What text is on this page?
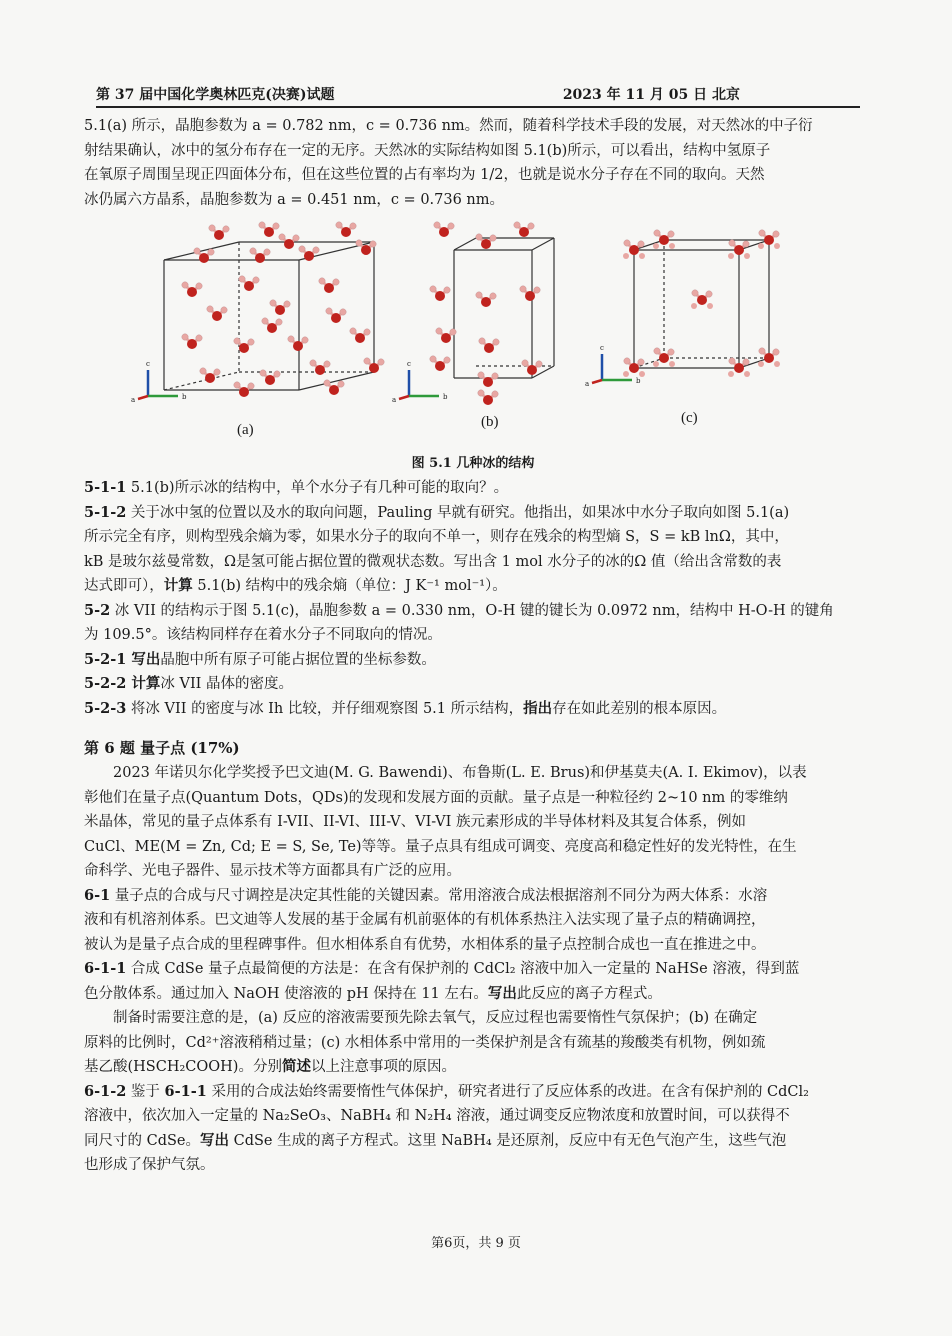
第 37 届中国化学奥林匹克(决赛)试题	2023 年 11 月 05 日 北京

5.1(a) 所示，晶胞参数为 a = 0.782 nm，c = 0.736 nm。然而，随着科学技术手段的发展，对天然冰的中子衍

射结果确认，冰中的氢分布存在一定的无序。天然冰的实际结构如图 5.1(b)所示，可以看出，结构中氢原子

在氧原子周围呈现正四面体分布，但在这些位置的占有率均为 1/2，也就是说水分子存在不同的取向。天然

冰仍属六方晶系，晶胞参数为 a = 0.451 nm，c = 0.736 nm。

c
b
a
c
b
a
c
b
a
(a)	(b)	(c)
图 5.1 几种冰的结构

5-1-1 5.1(b)所示冰的结构中，单个水分子有几种可能的取向？。

5-1-2 关于冰中氢的位置以及水的取向问题，Pauling 早就有研究。他指出，如果冰中水分子取向如图 5.1(a)

所示完全有序，则构型残余熵为零，如果水分子的取向不单一，则存在残余的构型熵 S，S = kB lnΩ，其中，

kB 是玻尔兹曼常数，Ω是氢可能占据位置的微观状态数。写出含 1 mol 水分子的冰的Ω 值（给出含常数的表

达式即可），计算 5.1(b) 结构中的残余熵（单位：J K⁻¹ mol⁻¹）。

5-2 冰 VII 的结构示于图 5.1(c)，晶胞参数 a = 0.330 nm，O-H 键的键长为 0.0972 nm，结构中 H-O-H 的键角

为 109.5°。该结构同样存在着水分子不同取向的情况。

5-2-1 写出晶胞中所有原子可能占据位置的坐标参数。

5-2-2 计算冰 VII 晶体的密度。

5-2-3 将冰 VII 的密度与冰 Ih 比较，并仔细观察图 5.1 所示结构，指出存在如此差别的根本原因。

第 6 题 量子点 (17%)

2023 年诺贝尔化学奖授予巴文迪(M. G. Bawendi)、布鲁斯(L. E. Brus)和伊基莫夫(A. I. Ekimov)，以表

彰他们在量子点(Quantum Dots，QDs)的发现和发展方面的贡献。量子点是一种粒径约 2~10 nm 的零维纳

米晶体，常见的量子点体系有 I-VII、II-VI、III-V、VI-VI 族元素形成的半导体材料及其复合体系，例如

CuCl、ME(M = Zn, Cd; E = S, Se, Te)等等。量子点具有组成可调变、亮度高和稳定性好的发光特性，在生

命科学、光电子器件、显示技术等方面都具有广泛的应用。

6-1 量子点的合成与尺寸调控是决定其性能的关键因素。常用溶液合成法根据溶剂不同分为两大体系：水溶

液和有机溶剂体系。巴文迪等人发展的基于金属有机前驱体的有机体系热注入法实现了量子点的精确调控，

被认为是量子点合成的里程碑事件。但水相体系自有优势，水相体系的量子点控制合成也一直在推进之中。

6-1-1 合成 CdSe 量子点最简便的方法是：在含有保护剂的 CdCl₂ 溶液中加入一定量的 NaHSe 溶液，得到蓝

色分散体系。通过加入 NaOH 使溶液的 pH 保持在 11 左右。写出此反应的离子方程式。

制备时需要注意的是，(a) 反应的溶液需要预先除去氧气，反应过程也需要惰性气氛保护；(b) 在确定

原料的比例时，Cd²⁺溶液稍稍过量；(c) 水相体系中常用的一类保护剂是含有巯基的羧酸类有机物，例如巯

基乙酸(HSCH₂COOH)。分别简述以上注意事项的原因。

6-1-2 鉴于 6-1-1 采用的合成法始终需要惰性气体保护，研究者进行了反应体系的改进。在含有保护剂的 CdCl₂

溶液中，依次加入一定量的 Na₂SeO₃、NaBH₄ 和 N₂H₄ 溶液，通过调变反应物浓度和放置时间，可以获得不

同尺寸的 CdSe。写出 CdSe 生成的离子方程式。这里 NaBH₄ 是还原剂，反应中有无色气泡产生，这些气泡

也形成了保护气氛。

第6页，共 9 页
